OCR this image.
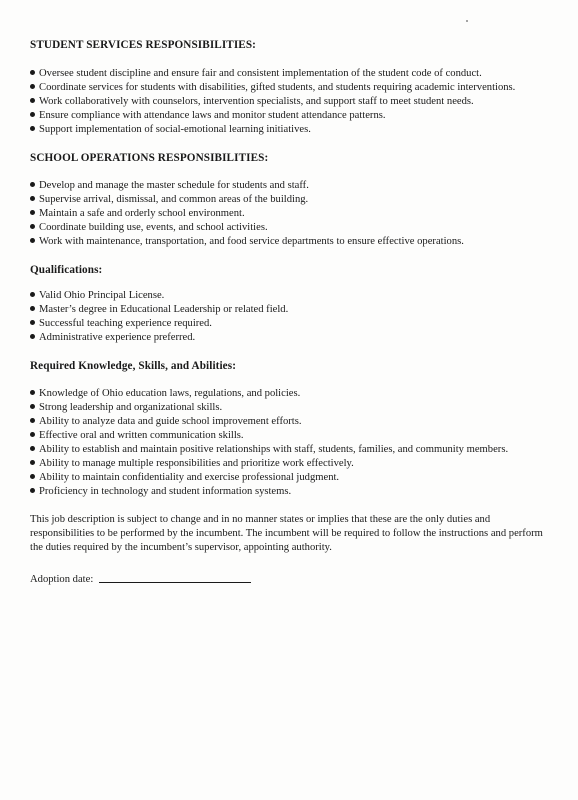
STUDENT SERVICES RESPONSIBILITIES:
Oversee student discipline and ensure fair and consistent implementation of the student code of conduct.
Coordinate services for students with disabilities, gifted students, and students requiring academic interventions.
Work collaboratively with counselors, intervention specialists, and support staff to meet student needs.
Ensure compliance with attendance laws and monitor student attendance patterns.
Support implementation of social-emotional learning initiatives.
SCHOOL OPERATIONS RESPONSIBILITIES:
Develop and manage the master schedule for students and staff.
Supervise arrival, dismissal, and common areas of the building.
Maintain a safe and orderly school environment.
Coordinate building use, events, and school activities.
Work with maintenance, transportation, and food service departments to ensure effective operations.
Qualifications:
Valid Ohio Principal License.
Master’s degree in Educational Leadership or related field.
Successful teaching experience required.
Administrative experience preferred.
Required Knowledge, Skills, and Abilities:
Knowledge of Ohio education laws, regulations, and policies.
Strong leadership and organizational skills.
Ability to analyze data and guide school improvement efforts.
Effective oral and written communication skills.
Ability to establish and maintain positive relationships with staff, students, families, and community members.
Ability to manage multiple responsibilities and prioritize work effectively.
Ability to maintain confidentiality and exercise professional judgment.
Proficiency in technology and student information systems.

This job description is subject to change and in no manner states or implies that these are the only duties and responsibilities to be performed by the incumbent. The incumbent will be required to follow the instructions and perform the duties required by the incumbent’s supervisor, appointing authority.

Adoption date:
